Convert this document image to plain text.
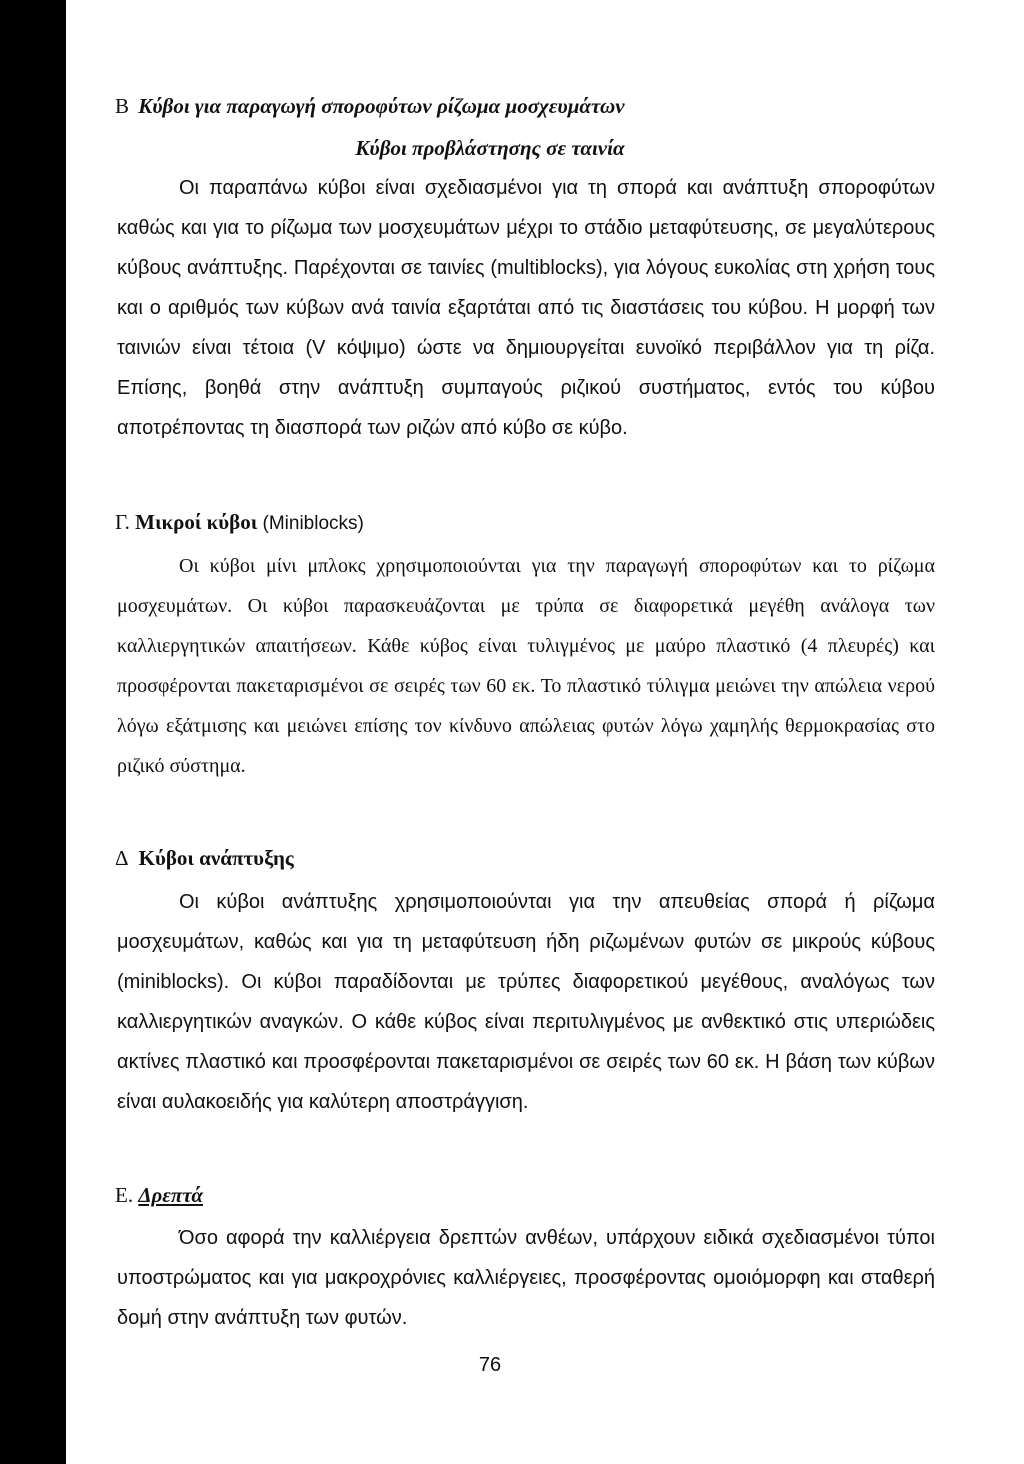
Β Κύβοι για παραγωγή σποροφύτων ρίζωμα μοσχευμάτων
Κύβοι προβλάστησης σε ταινία

Οι παραπάνω κύβοι είναι σχεδιασμένοι για τη σπορά και ανάπτυξη σποροφύτων καθώς και για το ρίζωμα των μοσχευμάτων μέχρι το στάδιο μεταφύτευσης, σε μεγαλύτερους κύβους ανάπτυξης. Παρέχονται σε ταινίες (multiblocks), για λόγους ευκολίας στη χρήση τους και ο αριθμός των κύβων ανά ταινία εξαρτάται από τις διαστάσεις του κύβου. Η μορφή των ταινιών είναι τέτοια (V κόψιμο) ώστε να δημιουργείται ευνοϊκό περιβάλλον για τη ρίζα. Επίσης, βοηθά στην ανάπτυξη συμπαγούς ριζικού συστήματος, εντός του κύβου αποτρέποντας τη διασπορά των ριζών από κύβο σε κύβο.

Γ. Μικροί κύβοι (Miniblocks)

Οι κύβοι μίνι μπλοκς χρησιμοποιούνται για την παραγωγή σποροφύτων και το ρίζωμα μοσχευμάτων. Οι κύβοι παρασκευάζονται με τρύπα σε διαφορετικά μεγέθη ανάλογα των καλλιεργητικών απαιτήσεων. Κάθε κύβος είναι τυλιγμένος με μαύρο πλαστικό (4 πλευρές) και προσφέρονται πακεταρισμένοι σε σειρές των 60 εκ. Το πλαστικό τύλιγμα μειώνει την απώλεια νερού λόγω εξάτμισης και μειώνει επίσης τον κίνδυνο απώλειας φυτών λόγω χαμηλής θερμοκρασίας στο ριζικό σύστημα.

Δ Κύβοι ανάπτυξης

Οι κύβοι ανάπτυξης χρησιμοποιούνται για την απευθείας σπορά ή ρίζωμα μοσχευμάτων, καθώς και για τη μεταφύτευση ήδη ριζωμένων φυτών σε μικρούς κύβους (miniblocks). Οι κύβοι παραδίδονται με τρύπες διαφορετικού μεγέθους, αναλόγως των καλλιεργητικών αναγκών. Ο κάθε κύβος είναι περιτυλιγμένος με ανθεκτικό στις υπεριώδεις ακτίνες πλαστικό και προσφέρονται πακεταρισμένοι σε σειρές των 60 εκ. Η βάση των κύβων είναι αυλακοειδής για καλύτερη αποστράγγιση.

Ε. Δρεπτά

Όσο αφορά την καλλιέργεια δρεπτών ανθέων, υπάρχουν ειδικά σχεδιασμένοι τύποι υποστρώματος και για μακροχρόνιες καλλιέργειες, προσφέροντας ομοιόμορφη και σταθερή δομή στην ανάπτυξη των φυτών.

76
